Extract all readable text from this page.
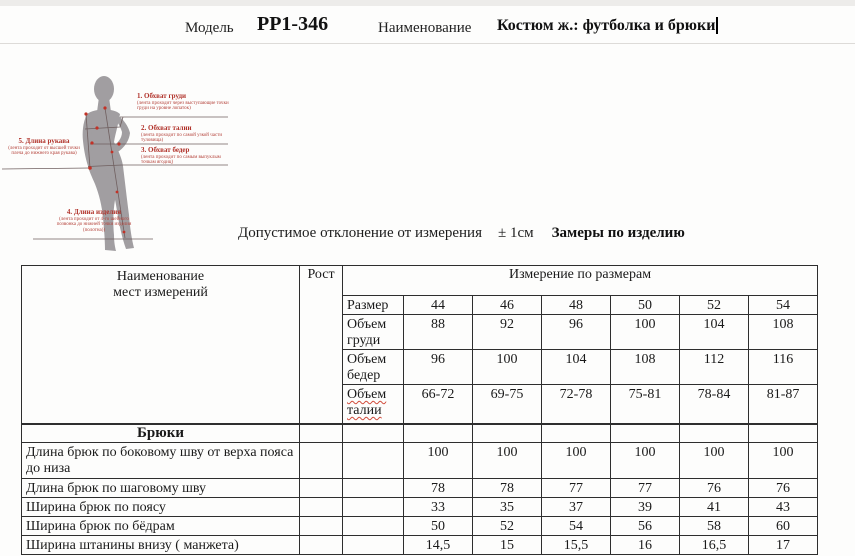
Модель PP1-346	Наименование Костюм ж.: футболка и брюки
1. Обхват груди
(лента проходит через выступающие точки груди на уровне лопаток)
2. Обхват талии
(лента проходит по самой узкой части туловища)
3. Обхват бедер
(лента проходит по самым выпуклым точкам ягодиц)
5. Длина рукава
(лента проходит от высшей точки плеча до нижнего края рукава)
4. Длина изделия
(лента проходит от 4-го шейного позвонка до нижней точки изделия (полотна))	Допустимое отклонение от измерения ± 1см Замеры по изделию
Наименование
мест измерений	Рост	Измерение по размерам						
		Размер	44	46	48	50	52	54
		Объем груди	88	92	96	100	104	108
		Объем бедер	96	100	104	108	112	116
		Объем талии	66-72	69-75	72-78	75-81	78-84	81-87
Брюки								
Длина брюк по боковому шву от верха пояса до низа			100	100	100	100	100	100
Длина брюк по шаговому шву			78	78	77	77	76	76
Ширина брюк по поясу			33	35	37	39	41	43
Ширина брюк по бёдрам			50	52	54	56	58	60
Ширина штанины внизу ( манжета)			14,5	15	15,5	16	16,5	17
